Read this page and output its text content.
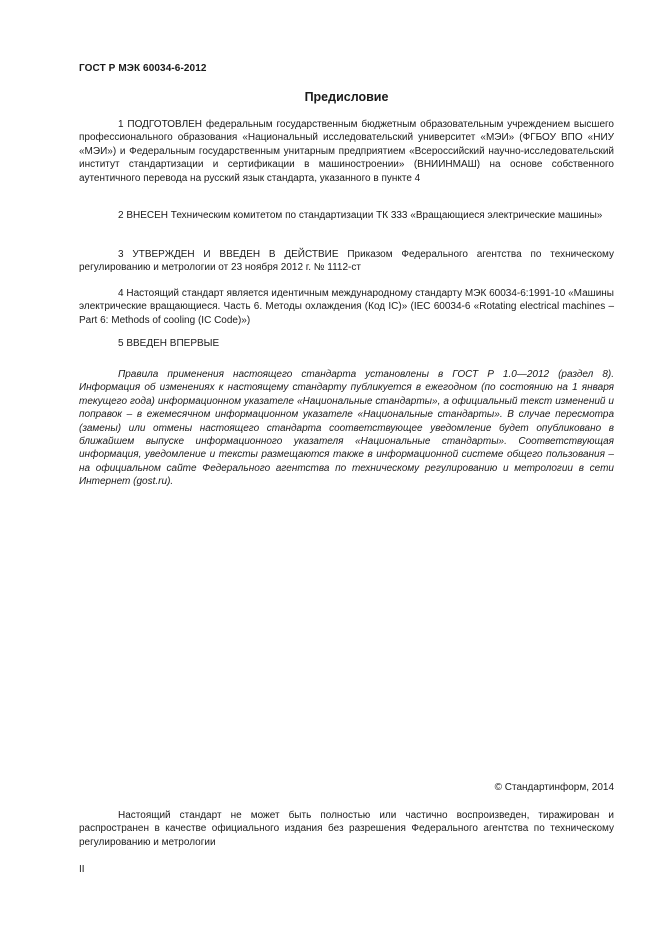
ГОСТ Р МЭК 60034-6-2012
Предисловие

1 ПОДГОТОВЛЕН федеральным государственным бюджетным образовательным учреждением высшего профессионального образования «Национальный исследовательский университет «МЭИ» (ФГБОУ ВПО «НИУ «МЭИ») и Федеральным государственным унитарным предприятием «Всероссийский научно-исследовательский институт стандартизации и сертификации в машиностроении» (ВНИИНМАШ) на основе собственного аутентичного перевода на русский язык стандарта, указанного в пункте 4

2 ВНЕСЕН Техническим комитетом по стандартизации ТК 333 «Вращающиеся электрические машины»

3 УТВЕРЖДЕН И ВВЕДЕН В ДЕЙСТВИЕ Приказом Федерального агентства по техническому регулированию и метрологии от 23 ноября 2012 г. № 1112-ст

4 Настоящий стандарт является идентичным международному стандарту МЭК 60034-6:1991-10 «Машины электрические вращающиеся. Часть 6. Методы охлаждения (Код IC)» (IEC 60034-6 «Rotating electrical machines – Part 6: Methods of cooling (IC Code)»)

5 ВВЕДЕН ВПЕРВЫЕ

Правила применения настоящего стандарта установлены в ГОСТ Р 1.0—2012 (раздел 8). Информация об изменениях к настоящему стандарту публикуется в ежегодном (по состоянию на 1 января текущего года) информационном указателе «Национальные стандарты», а официальный текст изменений и поправок – в ежемесячном информационном указателе «Национальные стандарты». В случае пересмотра (замены) или отмены настоящего стандарта соответствующее уведомление будет опубликовано в ближайшем выпуске информационного указателя «Национальные стандарты». Соответствующая информация, уведомление и тексты размещаются также в информационной системе общего пользования – на официальном сайте Федерального агентства по техническому регулированию и метрологии в сети Интернет (gost.ru).

© Стандартинформ, 2014

Настоящий стандарт не может быть полностью или частично воспроизведен, тиражирован и распространен в качестве официального издания без разрешения Федерального агентства по техническому регулированию и метрологии

II
